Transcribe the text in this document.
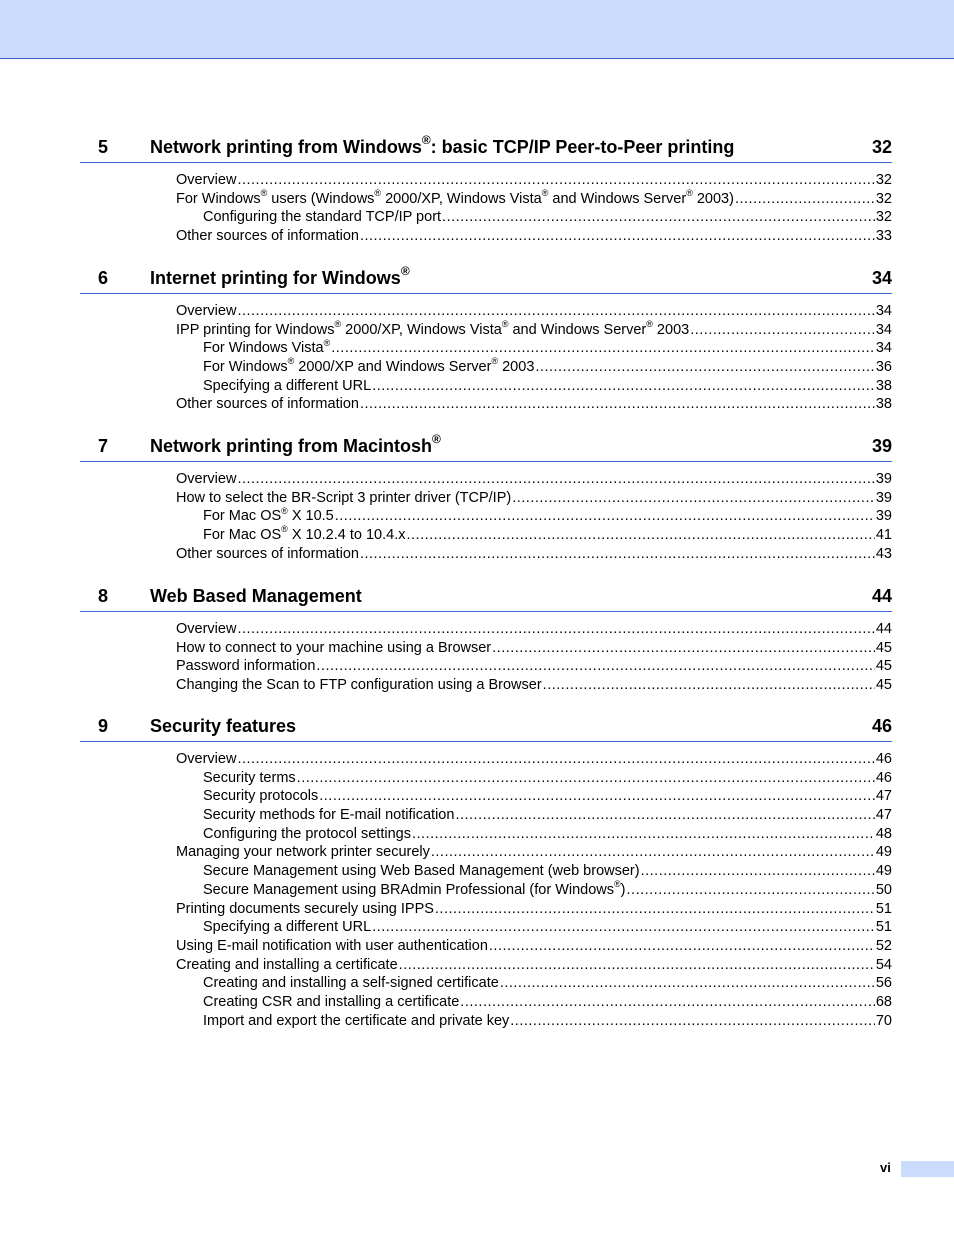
5 Network printing from Windows®: basic TCP/IP Peer-to-Peer printing	32
Overview .....	32
For Windows® users (Windows® 2000/XP, Windows Vista® and Windows Server® 2003) .....	32
Configuring the standard TCP/IP port .....	32
Other sources of information .....	33
6 Internet printing for Windows®	34
Overview .....	34
IPP printing for Windows® 2000/XP, Windows Vista® and Windows Server® 2003 .....	34
For Windows Vista® .....	34
For Windows® 2000/XP and Windows Server® 2003 .....	36
Specifying a different URL .....	38
Other sources of information .....	38
7 Network printing from Macintosh®	39
Overview .....	39
How to select the BR-Script 3 printer driver (TCP/IP) .....	39
For Mac OS® X 10.5 .....	39
For Mac OS® X 10.2.4 to 10.4.x .....	41
Other sources of information .....	43
8 Web Based Management	44
Overview .....	44
How to connect to your machine using a Browser .....	45
Password information .....	45
Changing the Scan to FTP configuration using a Browser .....	45
9 Security features	46
Overview .....	46
Security terms .....	46
Security protocols .....	47
Security methods for E-mail notification .....	47
Configuring the protocol settings .....	48
Managing your network printer securely .....	49
Secure Management using Web Based Management (web browser) .....	49
Secure Management using BRAdmin Professional (for Windows®) .....	50
Printing documents securely using IPPS .....	51
Specifying a different URL .....	51
Using E-mail notification with user authentication .....	52
Creating and installing a certificate .....	54
Creating and installing a self-signed certificate .....	56
Creating CSR and installing a certificate .....	68
Import and export the certificate and private key .....	70
vi
